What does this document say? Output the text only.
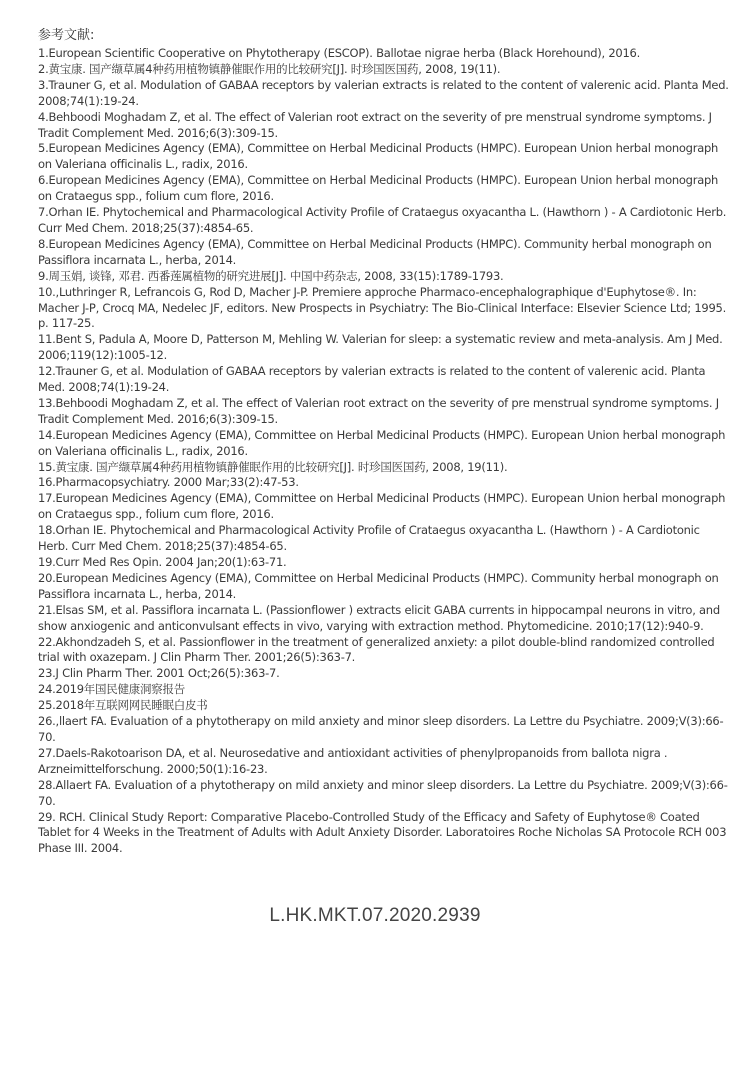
参考文献:
1.European Scientific Cooperative on Phytotherapy (ESCOP). Ballotae nigrae herba (Black Horehound), 2016.
2.黄宝康. 国产缬草属4种药用植物镇静催眠作用的比较研究[J]. 时珍国医国药, 2008, 19(11).
3.Trauner G, et al. Modulation of GABAA receptors by valerian extracts is related to the content of valerenic acid. Planta Med. 2008;74(1):19-24.
4.Behboodi Moghadam Z, et al. The effect of Valerian root extract on the severity of pre menstrual syndrome symptoms. J Tradit Complement Med. 2016;6(3):309-15.
5.European Medicines Agency (EMA), Committee on Herbal Medicinal Products (HMPC). European Union herbal monograph on Valeriana officinalis L., radix, 2016.
6.European Medicines Agency (EMA), Committee on Herbal Medicinal Products (HMPC). European Union herbal monograph on Crataegus spp., folium cum flore, 2016.
7.Orhan IE. Phytochemical and Pharmacological Activity Profile of Crataegus oxyacantha L. (Hawthorn ) - A Cardiotonic Herb. Curr Med Chem. 2018;25(37):4854-65.
8.European Medicines Agency (EMA), Committee on Herbal Medicinal Products (HMPC). Community herbal monograph on Passiflora incarnata L., herba, 2014.
9.周玉娟, 谈锋, 邓君. 西番莲属植物的研究进展[J]. 中国中药杂志, 2008, 33(15):1789-1793.
10.,Luthringer R, Lefrancois G, Rod D, Macher J-P. Premiere approche Pharmaco-encephalographique d'Euphytose®. In: Macher J-P, Crocq MA, Nedelec JF, editors. New Prospects in Psychiatry: The Bio-Clinical Interface: Elsevier Science Ltd; 1995. p. 117-25.
11.Bent S, Padula A, Moore D, Patterson M, Mehling W. Valerian for sleep: a systematic review and meta-analysis. Am J Med. 2006;119(12):1005-12.
12.Trauner G, et al. Modulation of GABAA receptors by valerian extracts is related to the content of valerenic acid. Planta Med. 2008;74(1):19-24.
13.Behboodi Moghadam Z, et al. The effect of Valerian root extract on the severity of pre menstrual syndrome symptoms. J Tradit Complement Med. 2016;6(3):309-15.
14.European Medicines Agency (EMA), Committee on Herbal Medicinal Products (HMPC). European Union herbal monograph on Valeriana officinalis L., radix, 2016.
15.黄宝康. 国产缬草属4种药用植物镇静催眠作用的比较研究[J]. 时珍国医国药, 2008, 19(11).
16.Pharmacopsychiatry. 2000 Mar;33(2):47-53.
17.European Medicines Agency (EMA), Committee on Herbal Medicinal Products (HMPC). European Union herbal monograph on Crataegus spp., folium cum flore, 2016.
18.Orhan IE. Phytochemical and Pharmacological Activity Profile of Crataegus oxyacantha L. (Hawthorn ) - A Cardiotonic Herb. Curr Med Chem. 2018;25(37):4854-65.
19.Curr Med Res Opin. 2004 Jan;20(1):63-71.
20.European Medicines Agency (EMA), Committee on Herbal Medicinal Products (HMPC). Community herbal monograph on Passiflora incarnata L., herba, 2014.
21.Elsas SM, et al. Passiflora incarnata L. (Passionflower ) extracts elicit GABA currents in hippocampal neurons in vitro, and show anxiogenic and anticonvulsant effects in vivo, varying with extraction method. Phytomedicine. 2010;17(12):940-9.
22.Akhondzadeh S, et al. Passionflower in the treatment of generalized anxiety: a pilot double-blind randomized controlled trial with oxazepam. J Clin Pharm Ther. 2001;26(5):363-7.
23.J Clin Pharm Ther. 2001 Oct;26(5):363-7.
24.2019年国民健康洞察报告
25.2018年互联网网民睡眠白皮书
26.,llaert FA. Evaluation of a phytotherapy on mild anxiety and minor sleep disorders. La Lettre du Psychiatre. 2009;V(3):66-70.
27.Daels-Rakotoarison DA, et al. Neurosedative and antioxidant activities of phenylpropanoids from ballota nigra . Arzneimittelforschung. 2000;50(1):16-23.
28.Allaert FA. Evaluation of a phytotherapy on mild anxiety and minor sleep disorders. La Lettre du Psychiatre. 2009;V(3):66-70.
29. RCH. Clinical Study Report: Comparative Placebo-Controlled Study of the Efficacy and Safety of Euphytose® Coated Tablet for 4 Weeks in the Treatment of Adults with Adult Anxiety Disorder. Laboratoires Roche Nicholas SA Protocole RCH 003 Phase III. 2004.
L.HK.MKT.07.2020.2939
